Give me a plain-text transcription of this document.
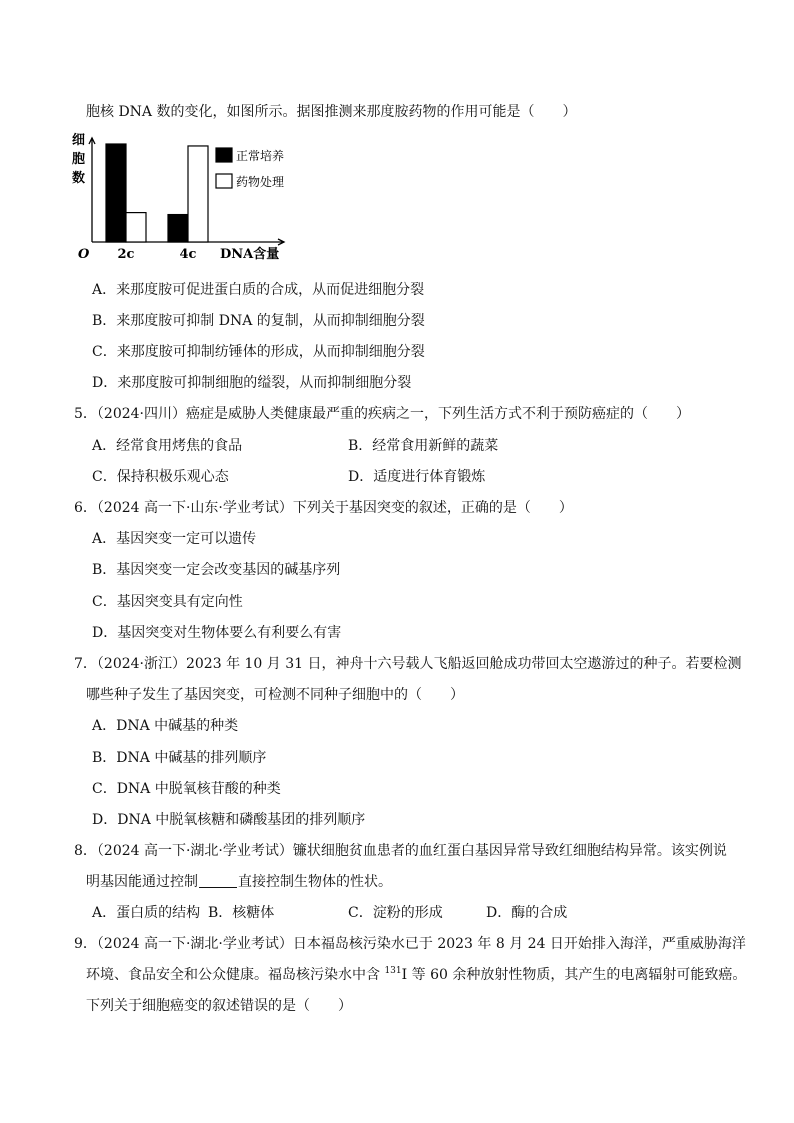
胞核 DNA 数的变化，如图所示。据图推测来那度胺药物的作用可能是（　　）
细胞数
O	DNA含量
2c	4c
正常培养
药物处理
A．来那度胺可促进蛋白质的合成，从而促进细胞分裂
B．来那度胺可抑制 DNA 的复制，从而抑制细胞分裂
C．来那度胺可抑制纺锤体的形成，从而抑制细胞分裂
D．来那度胺可抑制细胞的缢裂，从而抑制细胞分裂
5．（2024·四川）癌症是威胁人类健康最严重的疾病之一，下列生活方式不利于预防癌症的（　　）
A．经常食用烤焦的食品	B．经常食用新鲜的蔬菜
C．保持积极乐观心态	D．适度进行体育锻炼
6．（2024 高一下·山东·学业考试）下列关于基因突变的叙述，正确的是（　　）
A．基因突变一定可以遗传
B．基因突变一定会改变基因的碱基序列
C．基因突变具有定向性
D．基因突变对生物体要么有利要么有害
7．（2024·浙江）2023 年 10 月 31 日，神舟十六号载人飞船返回舱成功带回太空遨游过的种子。若要检测
哪些种子发生了基因突变，可检测不同种子细胞中的（　　）
A．DNA 中碱基的种类
B．DNA 中碱基的排列顺序
C．DNA 中脱氧核苷酸的种类
D．DNA 中脱氧核糖和磷酸基团的排列顺序
8．（2024 高一下·湖北·学业考试）镰状细胞贫血患者的血红蛋白基因异常导致红细胞结构异常。该实例说
明基因能通过控制	直接控制生物体的性状。
A．蛋白质的结构 B．核糖体	C．淀粉的形成	D．酶的合成
9．（2024 高一下·湖北·学业考试）日本福岛核污染水已于 2023 年 8 月 24 日开始排入海洋，严重威胁海洋
环境、食品安全和公众健康。福岛核污染水中含 $^{131}$I 等 60 余种放射性物质，其产生的电离辐射可能致癌。
下列关于细胞癌变的叙述错误的是（　　）
